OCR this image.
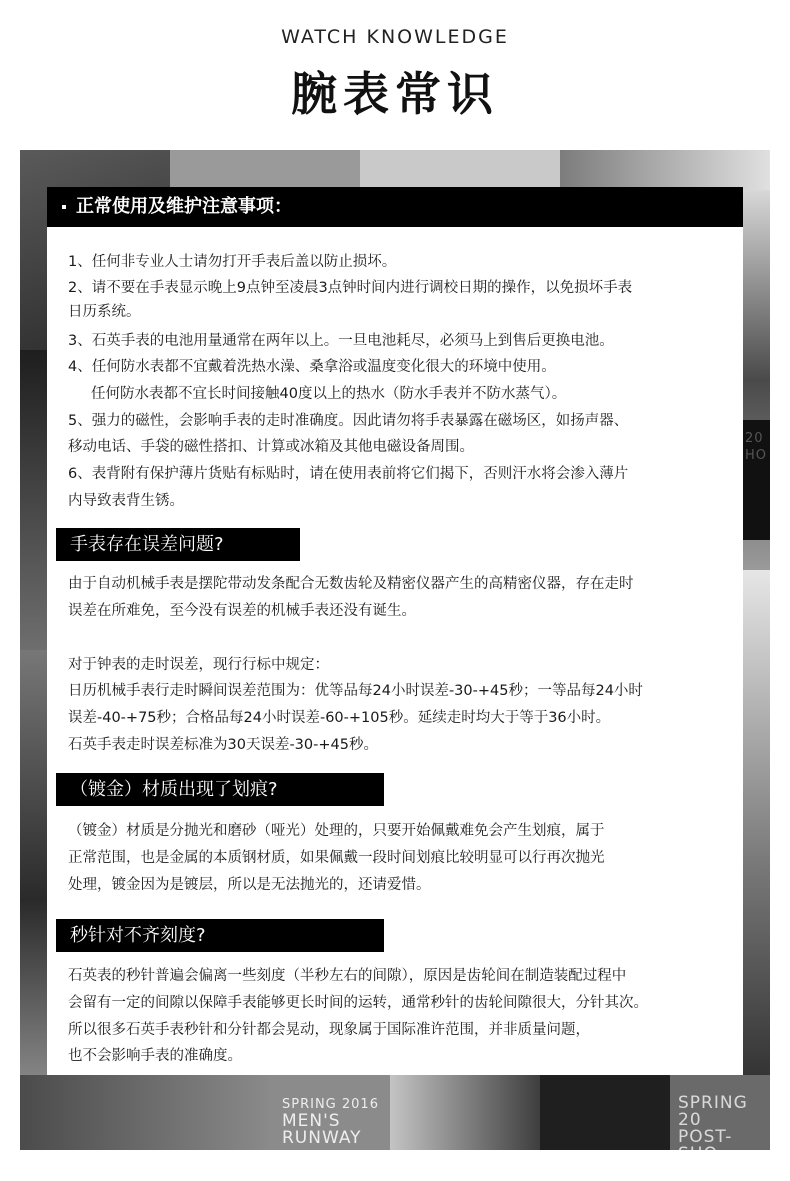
WATCH KNOWLEDGE
腕表常识
SPRING 2016
MEN'S
RUNWAY
SPRING 20
POST-SHO
EVENT
20
HO
正常使用及维护注意事项：
1、任何非专业人士请勿打开手表后盖以防止损坏。
2、请不要在手表显示晚上9点钟至凌晨3点钟时间内进行调校日期的操作，以免损坏手表
日历系统。
3、石英手表的电池用量通常在两年以上。一旦电池耗尽，必须马上到售后更换电池。
4、任何防水表都不宜戴着洗热水澡、桑拿浴或温度变化很大的环境中使用。
任何防水表都不宜长时间接触40度以上的热水（防水手表并不防水蒸气）。
5、强力的磁性，会影响手表的走时准确度。因此请勿将手表暴露在磁场区，如扬声器、
移动电话、手袋的磁性搭扣、计算或冰箱及其他电磁设备周围。
6、表背附有保护薄片货贴有标贴时，请在使用表前将它们揭下，否则汗水将会渗入薄片
内导致表背生锈。
手表存在误差问题?
由于自动机械手表是摆陀带动发条配合无数齿轮及精密仪器产生的高精密仪器，存在走时
误差在所难免，至今没有误差的机械手表还没有诞生。
对于钟表的走时误差，现行行标中规定：
日历机械手表行走时瞬间误差范围为：优等品每24小时误差-30-+45秒；一等品每24小时
误差-40-+75秒；合格品每24小时误差-60-+105秒。延续走时均大于等于36小时。
石英手表走时误差标准为30天误差-30-+45秒。
（镀金）材质出现了划痕?
（镀金）材质是分抛光和磨砂（哑光）处理的，只要开始佩戴难免会产生划痕，属于
正常范围，也是金属的本质钢材质，如果佩戴一段时间划痕比较明显可以行再次抛光
处理，镀金因为是镀层，所以是无法抛光的，还请爱惜。
秒针对不齐刻度?
石英表的秒针普遍会偏离一些刻度（半秒左右的间隙），原因是齿轮间在制造装配过程中
会留有一定的间隙以保障手表能够更长时间的运转，通常秒针的齿轮间隙很大，分针其次。
所以很多石英手表秒针和分针都会晃动，现象属于国际准许范围，并非质量问题，
也不会影响手表的准确度。
